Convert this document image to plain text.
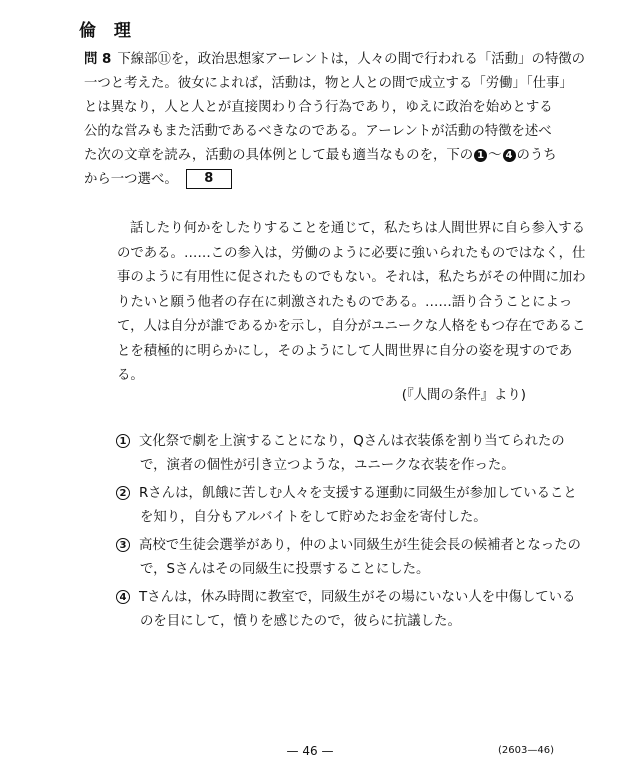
倫 理
問 8 下線部⑪を，政治思想家アーレントは，人々の間で行われる「活動」の特徴の
一つと考えた。彼女によれば，活動は，物と人との間で成立する「労働」「仕事」
とは異なり，人と人とが直接関わり合う行為であり，ゆえに政治を始めとする
公的な営みもまた活動であるべきなのである。アーレントが活動の特徴を述べ
た次の文章を読み，活動の具体例として最も適当なものを，下の 1 ～ 4 のうち
から一つ選べ。 8
話したり何かをしたりすることを通じて，私たちは人間世界に自ら参入する
のである。……この参入は，労働のように必要に強いられたものではなく，仕
事のように有用性に促されたものでもない。それは，私たちがその仲間に加わ
りたいと願う他者の存在に刺激されたものである。……語り合うことによっ
て，人は自分が誰であるかを示し，自分がユニークな人格をもつ存在であるこ
とを積極的に明らかにし，そのようにして人間世界に自分の姿を現すのであ
る。
(『人間の条件』より)
1 文化祭で劇を上演することになり，Qさんは衣装係を割り当てられたの
で，演者の個性が引き立つような，ユニークな衣装を作った。
2 Rさんは，飢餓に苦しむ人々を支援する運動に同級生が参加していること
を知り，自分もアルバイトをして貯めたお金を寄付した。
3 高校で生徒会選挙があり，仲のよい同級生が生徒会長の候補者となったの
で，Sさんはその同級生に投票することにした。
4 Tさんは，休み時間に教室で，同級生がその場にいない人を中傷している
のを目にして，憤りを感じたので，彼らに抗議した。
— 46 —	(2603—46)
